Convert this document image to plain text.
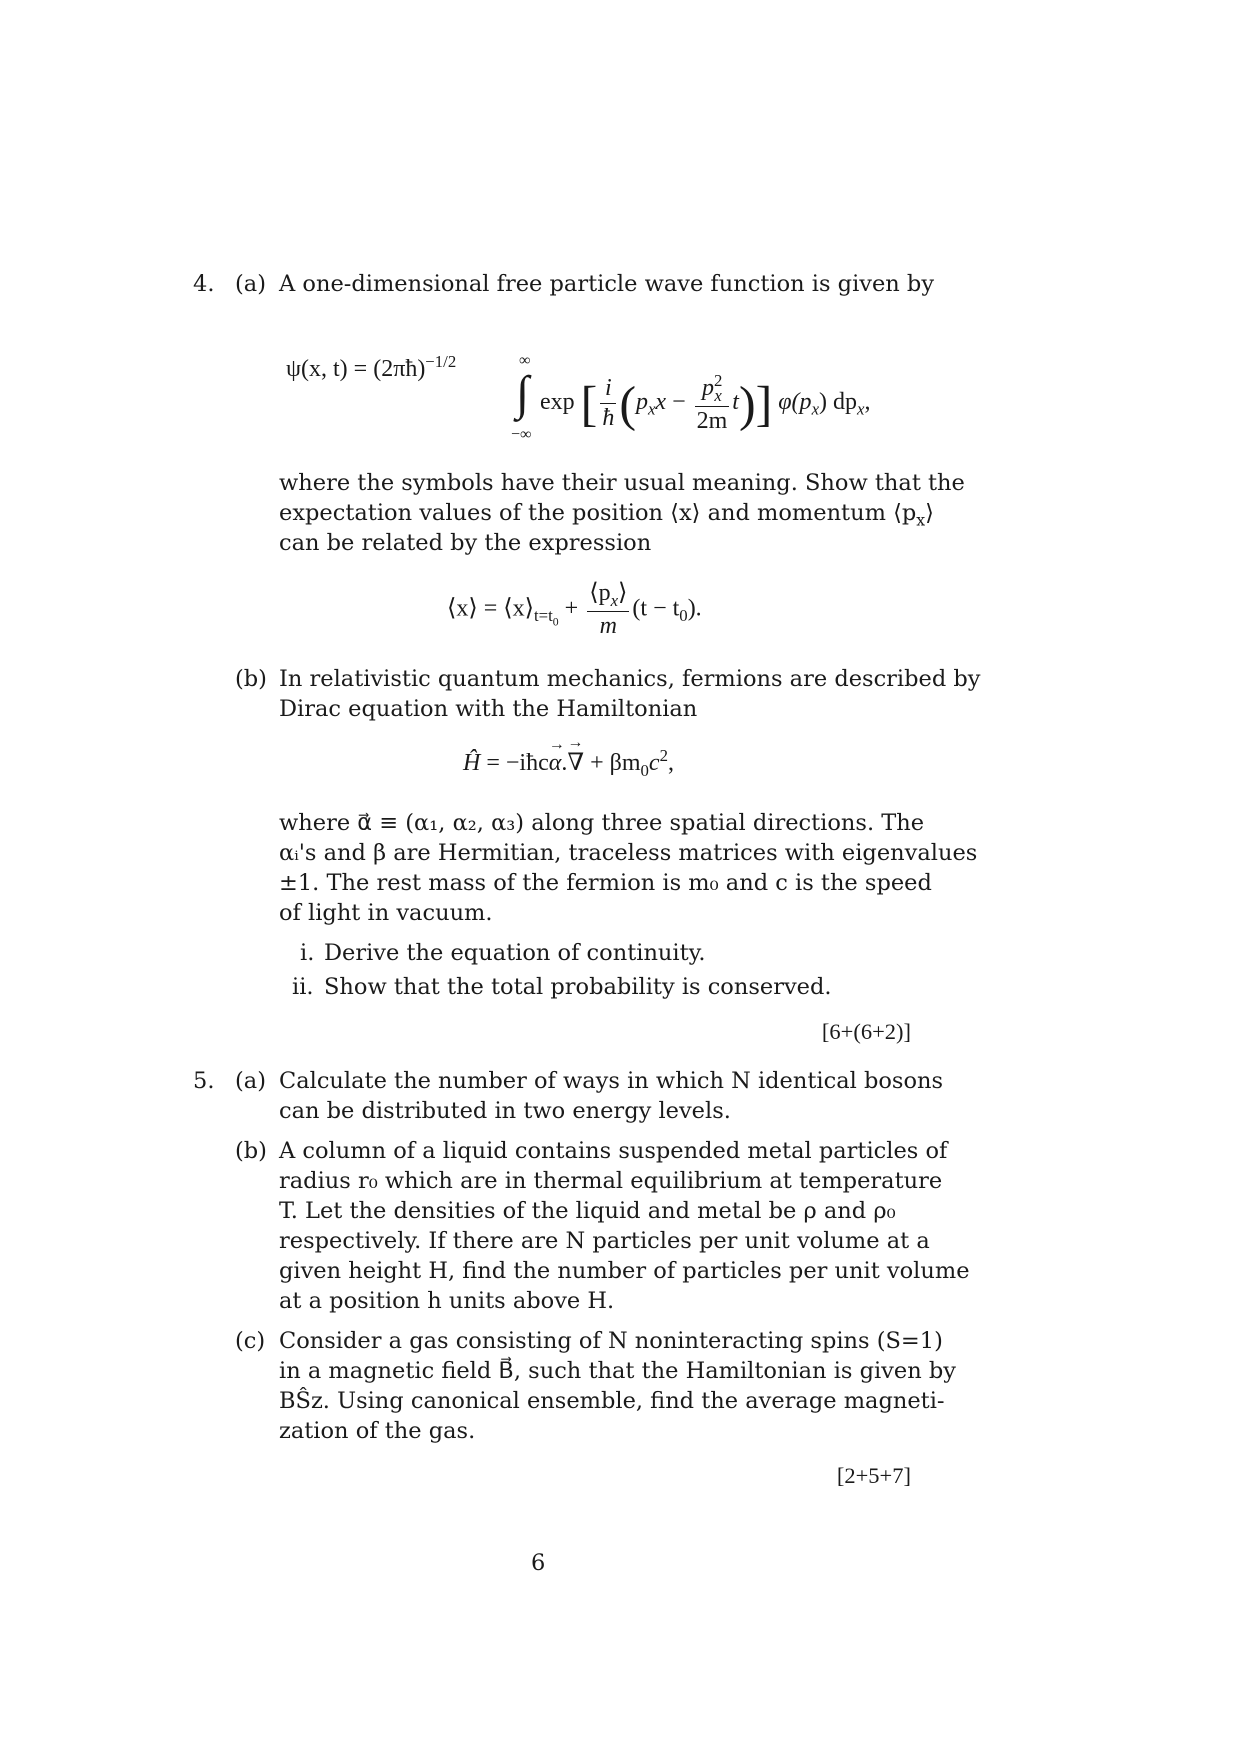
4. (a) A one-dimensional free particle wave function is given by
ψ(x, t) = (2πħ)$^{-1/2}$	∞
∫
−∞
exp [ $\frac{i}{ħ} (p_xx - \frac{p^2_x}{2m} t)$] $\varphi(p_x)$ $dp_x$,
where the symbols have their usual meaning. Show that the
expectation values of the position ⟨x⟩ and momentum $⟨p_x⟩$
can be related by the expression
⟨x⟩ = $⟨x⟩_{t=t_0} + \frac{⟨p_x⟩}{m} (t - t_0)$.
(b) In relativistic quantum mechanics, fermions are described by
Dirac equation with the Hamiltonian
Ĥ = −iħc
→
α.
→
∇ + $\beta m_0c^2$,
where α⃗ ≡ (α₁, α₂, α₃) along three spatial directions. The
αᵢ's and β are Hermitian, traceless matrices with eigenvalues
±1. The rest mass of the fermion is m₀ and c is the speed
of light in vacuum.
i. Derive the equation of continuity.
ii. Show that the total probability is conserved.
[6+(6+2)]
5. (a) Calculate the number of ways in which N identical bosons
can be distributed in two energy levels.
(b) A column of a liquid contains suspended metal particles of
radius r₀ which are in thermal equilibrium at temperature
T. Let the densities of the liquid and metal be ρ and ρ₀
respectively. If there are N particles per unit volume at a
given height H, find the number of particles per unit volume
at a position h units above H.
(c) Consider a gas consisting of N noninteracting spins (S=1)
in a magnetic field B⃗, such that the Hamiltonian is given by
BŜz. Using canonical ensemble, find the average magneti-
zation of the gas.
[2+5+7]
6
